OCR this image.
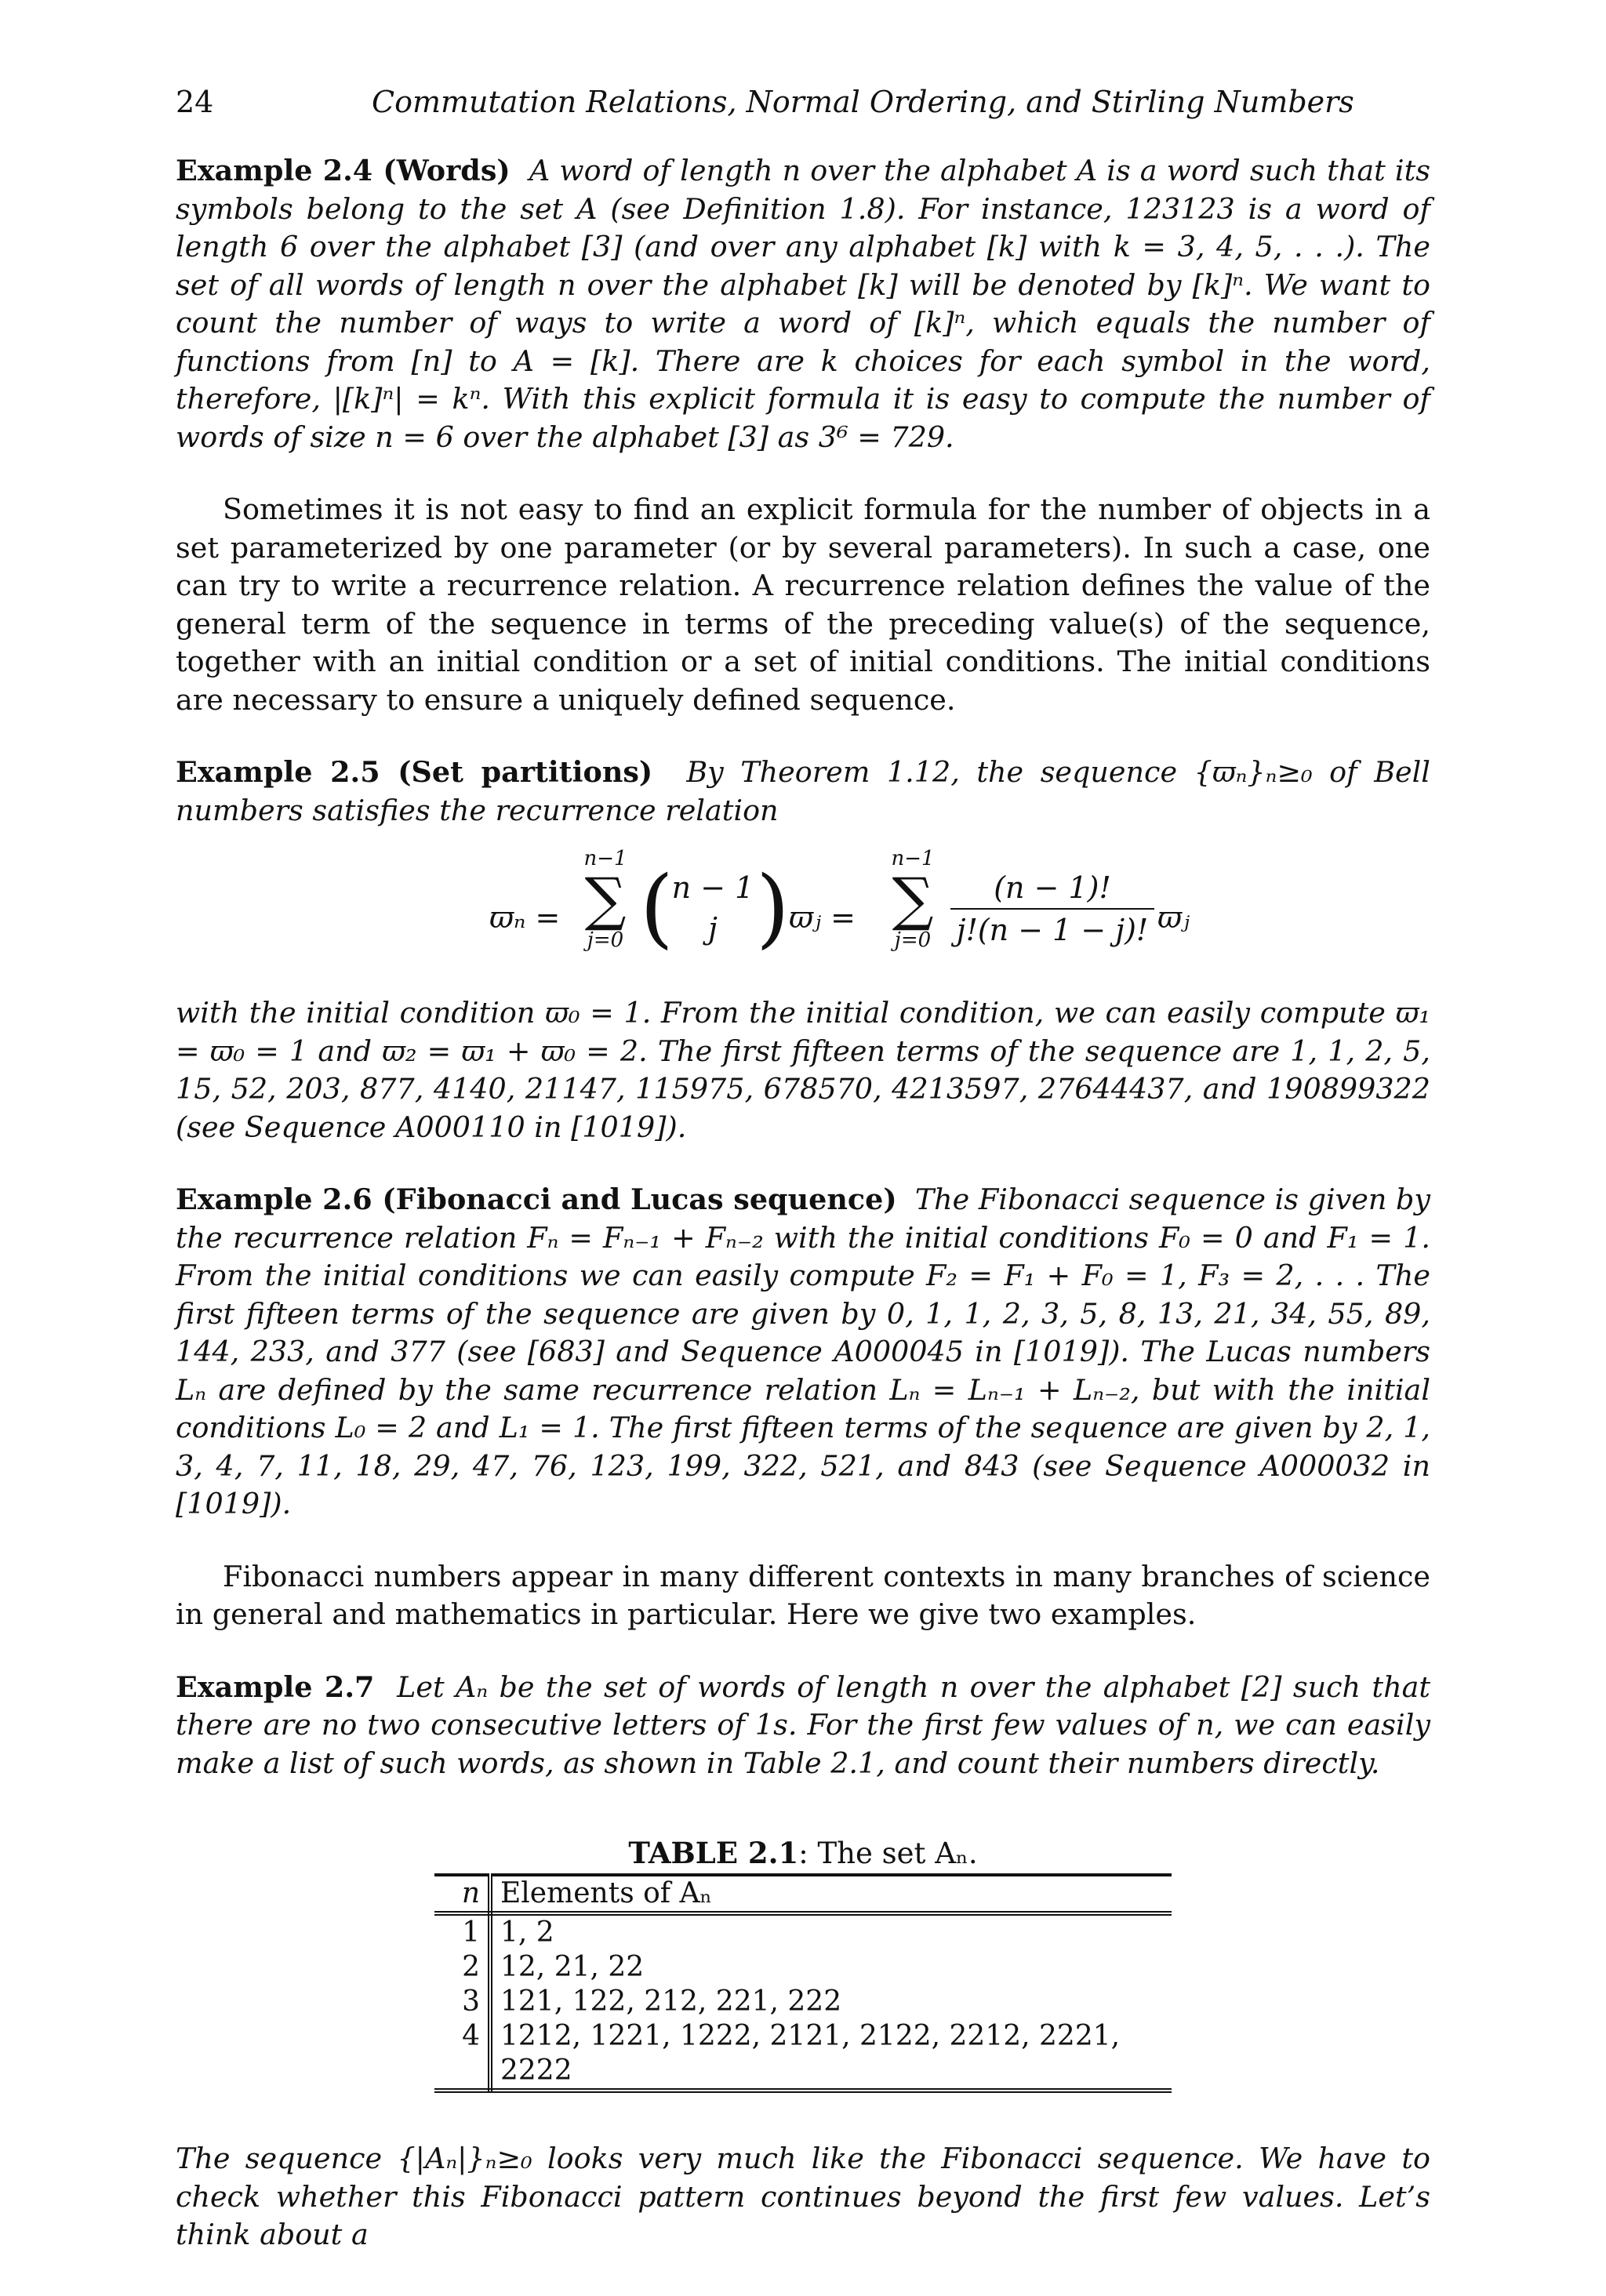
24	Commutation Relations, Normal Ordering, and Stirling Numbers

Example 2.4 (Words) A word of length n over the alphabet A is a word such that its symbols belong to the set A (see Definition 1.8). For instance, 123123 is a word of length 6 over the alphabet [3] (and over any alphabet [k] with k = 3, 4, 5, . . .). The set of all words of length n over the alphabet [k] will be denoted by [k]ⁿ. We want to count the number of ways to write a word of [k]ⁿ, which equals the number of functions from [n] to A = [k]. There are k choices for each symbol in the word, therefore, |[k]ⁿ| = kⁿ. With this explicit formula it is easy to compute the number of words of size n = 6 over the alphabet [3] as 3⁶ = 729.

Sometimes it is not easy to find an explicit formula for the number of objects in a set parameterized by one parameter (or by several parameters). In such a case, one can try to write a recurrence relation. A recurrence relation defines the value of the general term of the sequence in terms of the preceding value(s) of the sequence, together with an initial condition or a set of initial conditions. The initial conditions are necessary to ensure a uniquely defined sequence.

Example 2.5 (Set partitions) By Theorem 1.12, the sequence {ϖₙ}ₙ≥₀ of Bell numbers satisfies the recurrence relation

ϖₙ =
n−1
∑
j=0 (
n − 1
j ) ϖⱼ =
n−1
∑
j=0
(n − 1)!
j!(n − 1 − j)! ϖⱼ

with the initial condition ϖ₀ = 1. From the initial condition, we can easily compute ϖ₁ = ϖ₀ = 1 and ϖ₂ = ϖ₁ + ϖ₀ = 2. The first fifteen terms of the sequence are 1, 1, 2, 5, 15, 52, 203, 877, 4140, 21147, 115975, 678570, 4213597, 27644437, and 190899322 (see Sequence A000110 in [1019]).

Example 2.6 (Fibonacci and Lucas sequence) The Fibonacci sequence is given by the recurrence relation Fₙ = Fₙ₋₁ + Fₙ₋₂ with the initial conditions F₀ = 0 and F₁ = 1. From the initial conditions we can easily compute F₂ = F₁ + F₀ = 1, F₃ = 2, . . . The first fifteen terms of the sequence are given by 0, 1, 1, 2, 3, 5, 8, 13, 21, 34, 55, 89, 144, 233, and 377 (see [683] and Sequence A000045 in [1019]). The Lucas numbers Lₙ are defined by the same recurrence relation Lₙ = Lₙ₋₁ + Lₙ₋₂, but with the initial conditions L₀ = 2 and L₁ = 1. The first fifteen terms of the sequence are given by 2, 1, 3, 4, 7, 11, 18, 29, 47, 76, 123, 199, 322, 521, and 843 (see Sequence A000032 in [1019]).

Fibonacci numbers appear in many different contexts in many branches of science in general and mathematics in particular. Here we give two examples.

Example 2.7 Let Aₙ be the set of words of length n over the alphabet [2] such that there are no two consecutive letters of 1s. For the first few values of n, we can easily make a list of such words, as shown in Table 2.1, and count their numbers directly.

TABLE 2.1: The set Aₙ.
n	Elements of Aₙ
1	1, 2
2	12, 21, 22
3	121, 122, 212, 221, 222
4	1212, 1221, 1222, 2121, 2122, 2212, 2221, 2222

The sequence {|Aₙ|}ₙ≥₀ looks very much like the Fibonacci sequence. We have to check whether this Fibonacci pattern continues beyond the first few values. Let’s think about a
